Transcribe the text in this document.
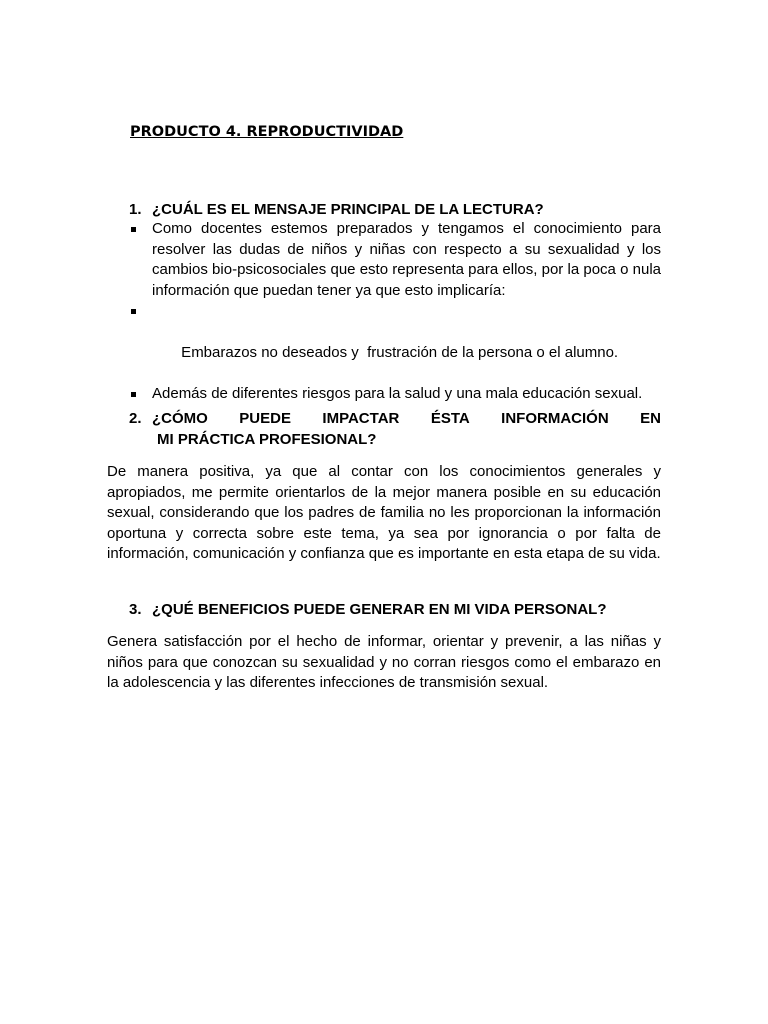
PRODUCTO 4. REPRODUCTIVIDAD
1. ¿CUÁL ES EL MENSAJE PRINCIPAL DE LA LECTURA?
Como docentes estemos preparados y tengamos el conocimiento para resolver las dudas de niños y niñas con respecto a su sexualidad y los cambios bio-psicosociales que esto representa para ellos, por la poca o nula información que puedan tener ya que esto implicaría:

Embarazos no deseados y  frustración de la persona o el alumno.

Además de diferentes riesgos para la salud y una mala educación sexual.
2. ¿CÓMO PUEDE IMPACTAR ÉSTA INFORMACIÓN EN
MI PRÁCTICA PROFESIONAL?
De manera positiva, ya que al contar con los conocimientos generales y apropiados, me permite orientarlos de la mejor manera posible en su educación sexual, considerando que los padres de familia no les proporcionan la información oportuna y correcta sobre este tema, ya sea por ignorancia o por falta de información, comunicación y confianza que es importante en esta etapa de su vida.
3. ¿QUÉ BENEFICIOS PUEDE GENERAR EN MI VIDA PERSONAL?
Genera satisfacción por el hecho de informar, orientar y prevenir, a las niñas y niños para que conozcan su sexualidad y no corran riesgos como el embarazo en la adolescencia y las diferentes infecciones de transmisión sexual.
